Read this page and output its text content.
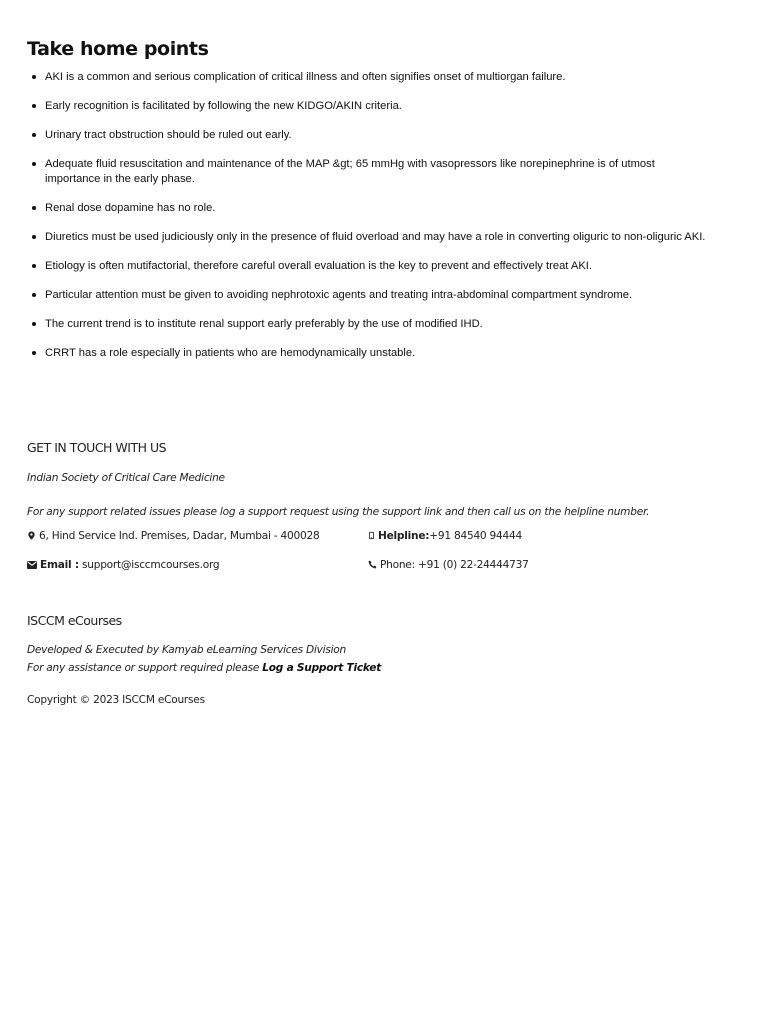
Take home points
AKI is a common and serious complication of critical illness and often signifies onset of multiorgan failure.
Early recognition is facilitated by following the new KIDGO/AKIN criteria.
Urinary tract obstruction should be ruled out early.
Adequate fluid resuscitation and maintenance of the MAP &gt; 65 mmHg with vasopressors like norepinephrine is of utmost importance in the early phase.
Renal dose dopamine has no role.
Diuretics must be used judiciously only in the presence of fluid overload and may have a role in converting oliguric to non-oliguric AKI.
Etiology is often mutifactorial, therefore careful overall evaluation is the key to prevent and effectively treat AKI.
Particular attention must be given to avoiding nephrotoxic agents and treating intra-abdominal compartment syndrome.
The current trend is to institute renal support early preferably by the use of modified IHD.
CRRT has a role especially in patients who are hemodynamically unstable.
GET IN TOUCH WITH US
Indian Society of Critical Care Medicine
For any support related issues please log a support request using the support link and then call us on the helpline number.
6, Hind Service Ind. Premises, Dadar, Mumbai - 400028	Helpline:+91 84540 94444
Email : support@isccmcourses.org	Phone: +91 (0) 22-24444737
ISCCM eCourses
Developed & Executed by Kamyab eLearning Services Division
For any assistance or support required please Log a Support Ticket
Copyright © 2023 ISCCM eCourses
